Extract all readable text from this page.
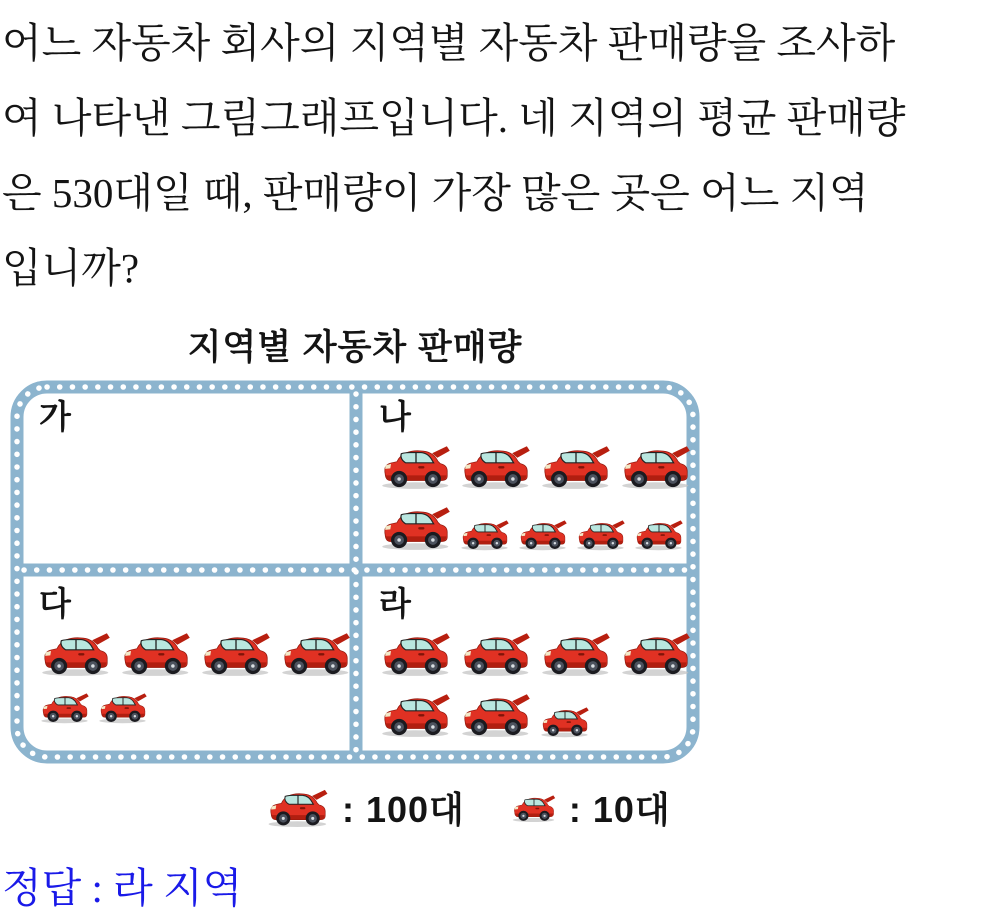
어느 자동차 회사의 지역별 자동차 판매량을 조사하

여 나타낸 그림그래프입니다. 네 지역의 평균 판매량

은 530대일 때, 판매량이 가장 많은 곳은 어느 지역

입니까?

지역별 자동차 판매량
가	나
다	라
: 100대	: 10대
정답 : 라 지역
